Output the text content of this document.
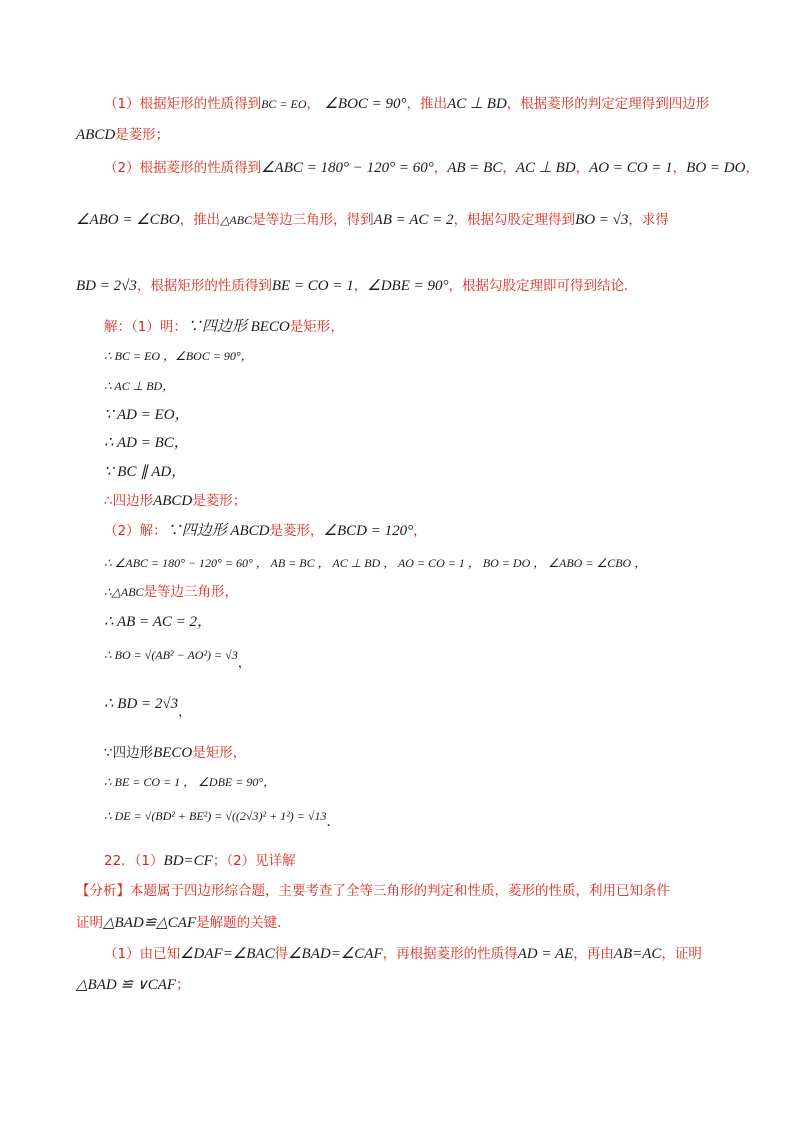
（1）根据矩形的性质得到BC = EO， ∠BOC = 90°，推出AC ⊥ BD，根据菱形的判定定理得到四边形
ABCD是菱形；
（2）根据菱形的性质得到∠ABC = 180° − 120° = 60°，AB = BC，AC ⊥ BD，AO = CO = 1，BO = DO，
∠ABO = ∠CBO，推出△ABC是等边三角形，得到AB = AC = 2，根据勾股定理得到BO = √3，求得
BD = 2√3，根据矩形的性质得到BE = CO = 1，∠DBE = 90°，根据勾股定理即可得到结论．
解：（1）明：∵四边形 BECO是矩形，
∴ BC = EO ，∠BOC = 90°，
∴ AC ⊥ BD，
∵ AD = EO，
∴ AD = BC，
∵ BC ∥ AD，
∴四边形ABCD是菱形；
（2）解：∵四边形 ABCD是菱形，∠BCD = 120°，
∴ ∠ABC = 180° − 120° = 60° ， AB = BC ， AC ⊥ BD ， AO = CO = 1 ， BO = DO ， ∠ABO = ∠CBO ，
∴△ABC是等边三角形，
∴ AB = AC = 2，
∴ BO = √(AB² − AO²) = √3，
∴ BD = 2√3，
∵四边形BECO是矩形，
∴ BE = CO = 1 ， ∠DBE = 90°，
∴ DE = √(BD² + BE²) = √((2√3)² + 1²) = √13．
22．（1）BD=CF；（2）见详解
【分析】本题属于四边形综合题，主要考查了全等三角形的判定和性质，菱形的性质，利用已知条件
证明△BAD≌△CAF是解题的关键．
（1）由已知∠DAF=∠BAC得∠BAD=∠CAF，再根据菱形的性质得AD = AE，再由AB=AC，证明
△BAD ≌ ∨CAF；
